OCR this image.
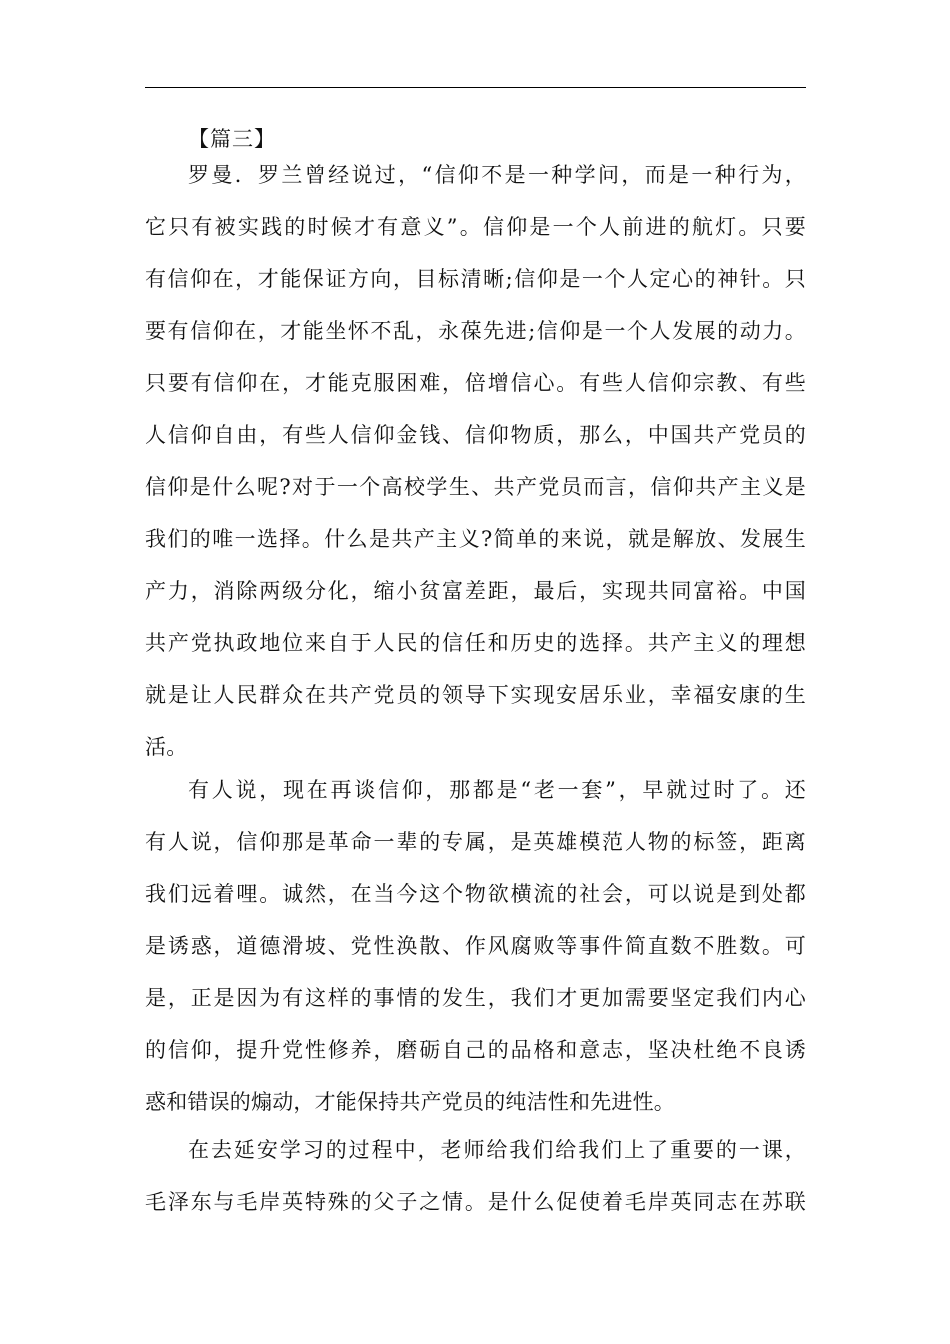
【篇三】
罗曼．罗兰曾经说过，“信仰不是一种学问，而是一种行为，
它只有被实践的时候才有意义”。信仰是一个人前进的航灯。只要
有信仰在，才能保证方向，目标清晰;信仰是一个人定心的神针。只
要有信仰在，才能坐怀不乱，永葆先进;信仰是一个人发展的动力。
只要有信仰在，才能克服困难，倍增信心。有些人信仰宗教、有些
人信仰自由，有些人信仰金钱、信仰物质，那么，中国共产党员的
信仰是什么呢?对于一个高校学生、共产党员而言，信仰共产主义是
我们的唯一选择。什么是共产主义?简单的来说，就是解放、发展生
产力，消除两级分化，缩小贫富差距，最后，实现共同富裕。中国
共产党执政地位来自于人民的信任和历史的选择。共产主义的理想
就是让人民群众在共产党员的领导下实现安居乐业，幸福安康的生
活。
有人说，现在再谈信仰，那都是“老一套”，早就过时了。还
有人说，信仰那是革命一辈的专属，是英雄模范人物的标签，距离
我们远着哩。诚然，在当今这个物欲横流的社会，可以说是到处都
是诱惑，道德滑坡、党性涣散、作风腐败等事件简直数不胜数。可
是，正是因为有这样的事情的发生，我们才更加需要坚定我们内心
的信仰，提升党性修养，磨砺自己的品格和意志，坚决杜绝不良诱
惑和错误的煽动，才能保持共产党员的纯洁性和先进性。
在去延安学习的过程中，老师给我们给我们上了重要的一课，
毛泽东与毛岸英特殊的父子之情。是什么促使着毛岸英同志在苏联
